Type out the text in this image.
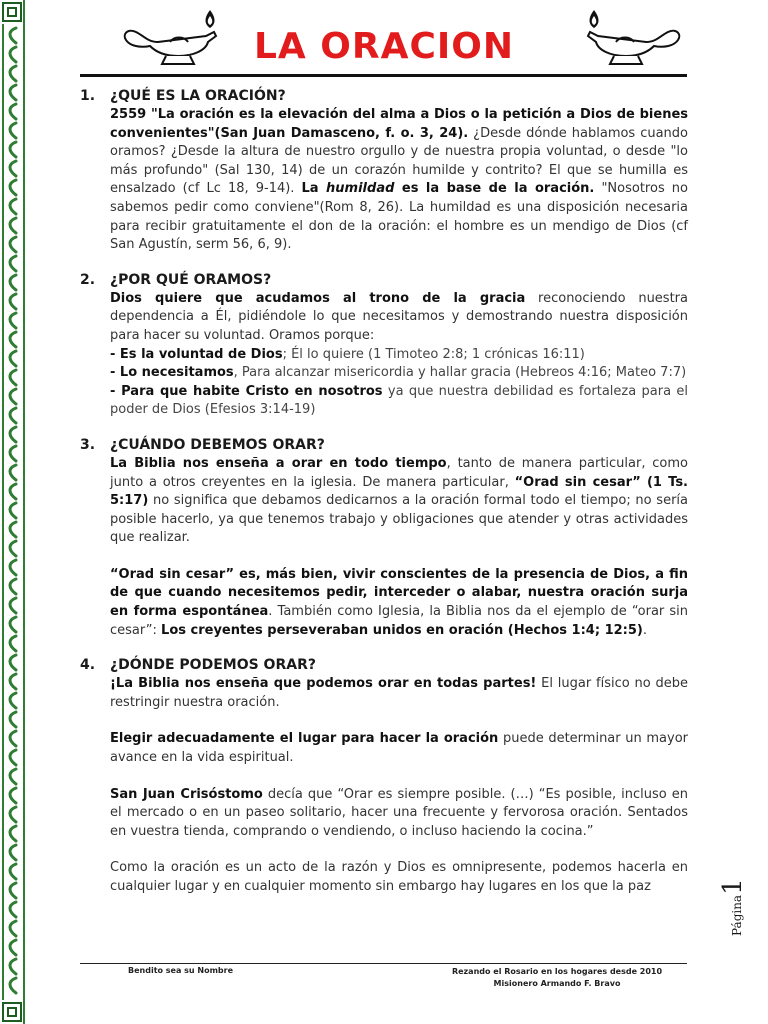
LA ORACION
1.	¿QUÉ ES LA ORACIÓN?

2559 "La oración es la elevación del alma a Dios o la petición a Dios de bienes convenientes"(San Juan Damasceno, f. o. 3, 24). ¿Desde dónde hablamos cuando oramos? ¿Desde la altura de nuestro orgullo y de nuestra propia voluntad, o desde "lo más profundo" (Sal 130, 14) de un corazón humilde y contrito? El que se humilla es ensalzado (cf Lc 18, 9-14). La humildad es la base de la oración. "Nosotros no sabemos pedir como conviene"(Rom 8, 26). La humildad es una disposición necesaria para recibir gratuitamente el don de la oración: el hombre es un mendigo de Dios (cf San Agustín, serm 56, 6, 9).

2.	¿POR QUÉ ORAMOS?

Dios quiere que acudamos al trono de la gracia reconociendo nuestra dependencia a Él, pidiéndole lo que necesitamos y demostrando nuestra disposición para hacer su voluntad. Oramos porque:

- Es la voluntad de Dios; Él lo quiere (1 Timoteo 2:8; 1 crónicas 16:11)
- Lo necesitamos, Para alcanzar misericordia y hallar gracia (Hebreos 4:16; Mateo 7:7)
- Para que habite Cristo en nosotros ya que nuestra debilidad es fortaleza para el poder de Dios (Efesios 3:14-19)
3.	¿CUÁNDO DEBEMOS ORAR?

La Biblia nos enseña a orar en todo tiempo, tanto de manera particular, como junto a otros creyentes en la iglesia. De manera particular, “Orad sin cesar” (1 Ts. 5:17) no significa que debamos dedicarnos a la oración formal todo el tiempo; no sería posible hacerlo, ya que tenemos trabajo y obligaciones que atender y otras actividades que realizar.

“Orad sin cesar” es, más bien, vivir conscientes de la presencia de Dios, a fin de que cuando necesitemos pedir, interceder o alabar, nuestra oración surja en forma espontánea. También como Iglesia, la Biblia nos da el ejemplo de “orar sin cesar”: Los creyentes perseveraban unidos en oración (Hechos 1:4; 12:5).

4.	¿DÓNDE PODEMOS ORAR?

¡La Biblia nos enseña que podemos orar en todas partes! El lugar físico no debe restringir nuestra oración.

Elegir adecuadamente el lugar para hacer la oración puede determinar un mayor avance en la vida espiritual.

San Juan Crisóstomo decía que “Orar es siempre posible. (…) “Es posible, incluso en el mercado o en un paseo solitario, hacer una frecuente y fervorosa oración. Sentados en vuestra tienda, comprando o vendiendo, o incluso haciendo la cocina.”

Como la oración es un acto de la razón y Dios es omnipresente, podemos hacerla en cualquier lugar y en cualquier momento sin embargo hay lugares en los que la paz

Página1
Bendito sea su Nombre	Rezando el Rosario en los hogares desde 2010
Misionero Armando F. Bravo
